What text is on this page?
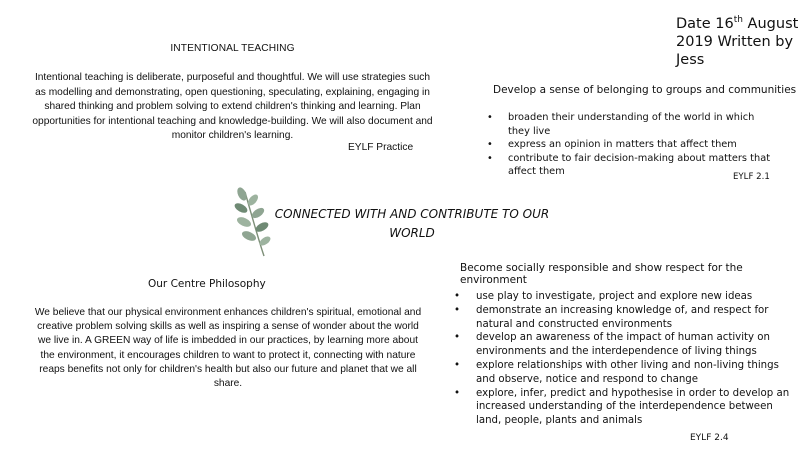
Date 16th August 2019 Written by Jess
INTENTIONAL TEACHING
Intentional teaching is deliberate, purposeful and thoughtful. We will use strategies such as modelling and demonstrating, open questioning, speculating, explaining, engaging in shared thinking and problem solving to extend children's thinking and learning. Plan opportunities for intentional teaching and knowledge-building. We will also document and monitor children's learning.
EYLF Practice
Develop a sense of belonging to groups and communities
• broaden their understanding of the world in which they live
• express an opinion in matters that affect them
• contribute to fair decision-making about matters that affect them	EYLF 2.1
CONNECTED WITH AND CONTRIBUTE TO OUR WORLD
Our Centre Philosophy
We believe that our physical environment enhances children's spiritual, emotional and creative problem solving skills as well as inspiring a sense of wonder about the world we live in. A GREEN way of life is imbedded in our practices, by learning more about the environment, it encourages children to want to protect it, connecting with nature reaps benefits not only for children's health but also our future and planet that we all share.
Become socially responsible and show respect for the environment
• use play to investigate, project and explore new ideas
• demonstrate an increasing knowledge of, and respect for natural and constructed environments
• develop an awareness of the impact of human activity on environments and the interdependence of living things
• explore relationships with other living and non-living things and observe, notice and respond to change
• explore, infer, predict and hypothesise in order to develop an increased understanding of the interdependence between land, people, plants and animals
EYLF 2.4
